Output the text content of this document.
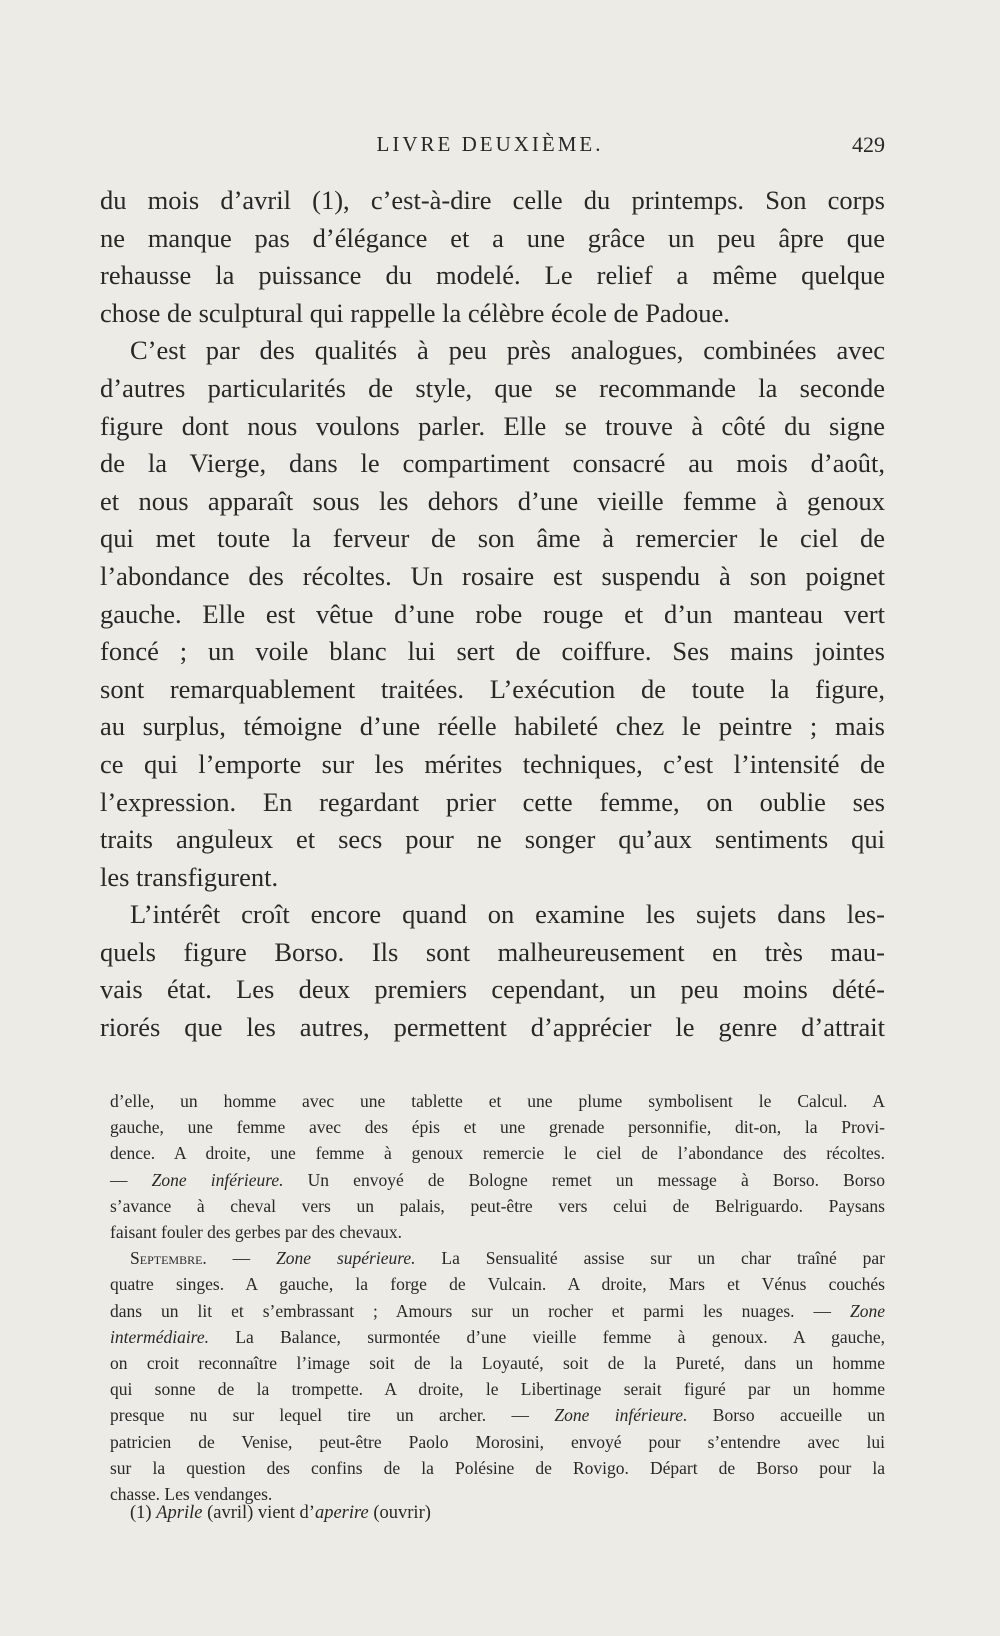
LIVRE DEUXIÈME.	429

du mois d’avril (1), c’est-à-dire celle du printemps. Son corps

ne manque pas d’élégance et a une grâce un peu âpre que

rehausse la puissance du modelé. Le relief a même quelque

chose de sculptural qui rappelle la célèbre école de Padoue.

C’est par des qualités à peu près analogues, combinées avec

d’autres particularités de style, que se recommande la seconde

figure dont nous voulons parler. Elle se trouve à côté du signe

de la Vierge, dans le compartiment consacré au mois d’août,

et nous apparaît sous les dehors d’une vieille femme à genoux

qui met toute la ferveur de son âme à remercier le ciel de

l’abondance des récoltes. Un rosaire est suspendu à son poignet

gauche. Elle est vêtue d’une robe rouge et d’un manteau vert

foncé ; un voile blanc lui sert de coiffure. Ses mains jointes

sont remarquablement traitées. L’exécution de toute la figure,

au surplus, témoigne d’une réelle habileté chez le peintre ; mais

ce qui l’emporte sur les mérites techniques, c’est l’intensité de

l’expression. En regardant prier cette femme, on oublie ses

traits anguleux et secs pour ne songer qu’aux sentiments qui

les transfigurent.

L’intérêt croît encore quand on examine les sujets dans les-

quels figure Borso. Ils sont malheureusement en très mau-

vais état. Les deux premiers cependant, un peu moins dété-

riorés que les autres, permettent d’apprécier le genre d’attrait

d’elle, un homme avec une tablette et une plume symbolisent le Calcul. A

gauche, une femme avec des épis et une grenade personnifie, dit-on, la Provi-

dence. A droite, une femme à genoux remercie le ciel de l’abondance des récoltes.

— Zone inférieure. Un envoyé de Bologne remet un message à Borso. Borso

s’avance à cheval vers un palais, peut-être vers celui de Belriguardo. Paysans

faisant fouler des gerbes par des chevaux.

Septembre. — Zone supérieure. La Sensualité assise sur un char traîné par

quatre singes. A gauche, la forge de Vulcain. A droite, Mars et Vénus couchés

dans un lit et s’embrassant ; Amours sur un rocher et parmi les nuages. — Zone

intermédiaire. La Balance, surmontée d’une vieille femme à genoux. A gauche,

on croit reconnaître l’image soit de la Loyauté, soit de la Pureté, dans un homme

qui sonne de la trompette. A droite, le Libertinage serait figuré par un homme

presque nu sur lequel tire un archer. — Zone inférieure. Borso accueille un

patricien de Venise, peut-être Paolo Morosini, envoyé pour s’entendre avec lui

sur la question des confins de la Polésine de Rovigo. Départ de Borso pour la

chasse. Les vendanges.

(1) Aprile (avril) vient d’aperire (ouvrir)
